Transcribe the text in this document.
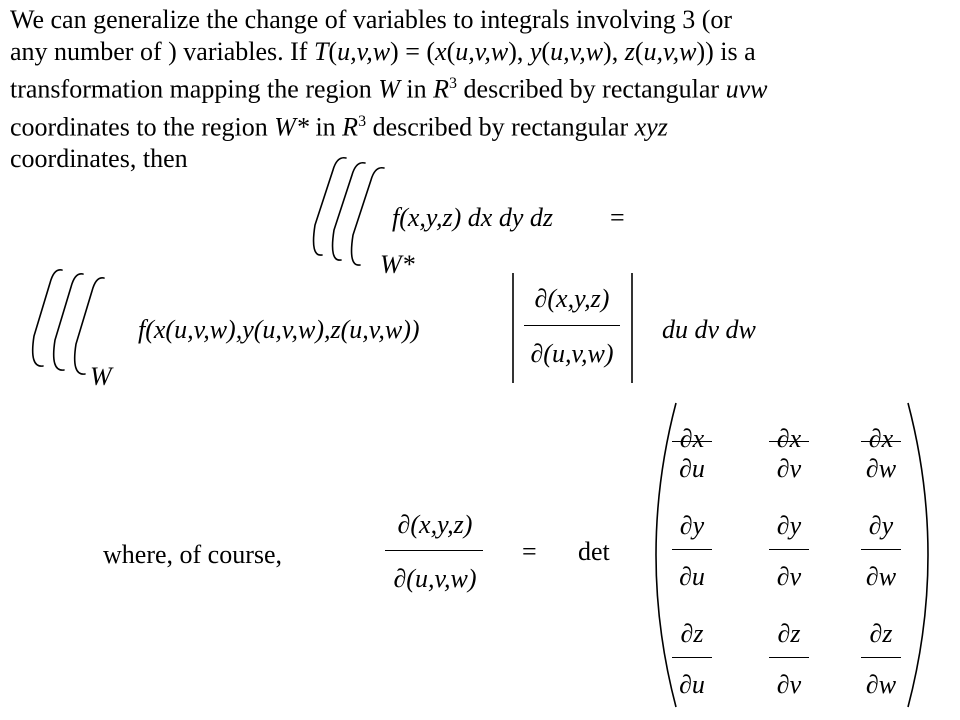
We can generalize the change of variables to integrals involving 3 (or
any number of ) variables. If T(u,v,w) = (x(u,v,w), y(u,v,w), z(u,v,w)) is a
transformation mapping the region W in $R^3$ described by rectangular uvw
coordinates to the region W* in $R^3$ described by rectangular xyz
coordinates, then
f(x,y,z) dx dy dz =
W*
f(x(u,v,w),y(u,v,w),z(u,v,w))
∂(x,y,z)
∂(u,v,w)
du dv dw
W
where, of course,
∂(x,y,z)
∂(u,v,w)
= det
∂x
∂u
∂x
∂v
∂x
∂w
∂y
∂u
∂y
∂v
∂y
∂w
∂z
∂u
∂z
∂v
∂z
∂w
